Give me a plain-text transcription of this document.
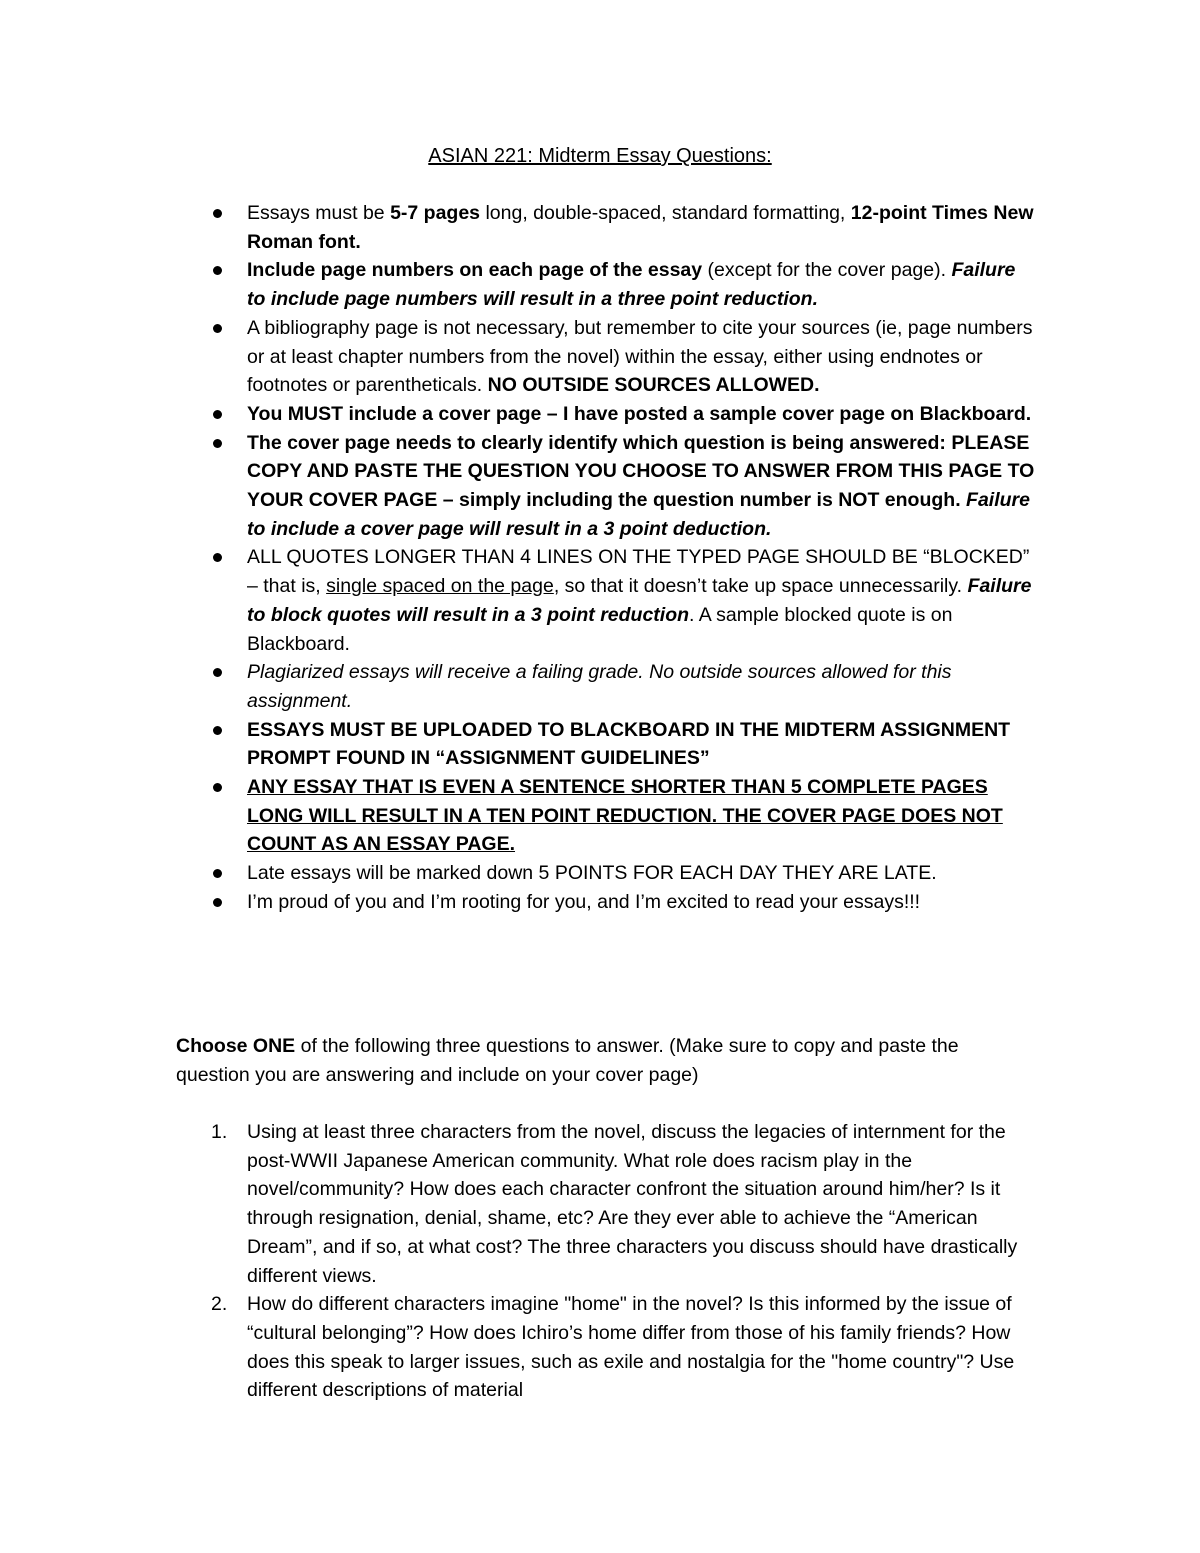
ASIAN 221: Midterm Essay Questions:
Essays must be 5-7 pages long, double-spaced, standard formatting, 12-point Times New Roman font.
Include page numbers on each page of the essay (except for the cover page). Failure to include page numbers will result in a three point reduction.
A bibliography page is not necessary, but remember to cite your sources (ie, page numbers or at least chapter numbers from the novel) within the essay, either using endnotes or footnotes or parentheticals. NO OUTSIDE SOURCES ALLOWED.
You MUST include a cover page – I have posted a sample cover page on Blackboard.
The cover page needs to clearly identify which question is being answered: PLEASE COPY AND PASTE THE QUESTION YOU CHOOSE TO ANSWER FROM THIS PAGE TO YOUR COVER PAGE – simply including the question number is NOT enough. Failure to include a cover page will result in a 3 point deduction.
ALL QUOTES LONGER THAN 4 LINES ON THE TYPED PAGE SHOULD BE “BLOCKED” – that is, single spaced on the page, so that it doesn’t take up space unnecessarily. Failure to block quotes will result in a 3 point reduction. A sample blocked quote is on Blackboard.
Plagiarized essays will receive a failing grade. No outside sources allowed for this assignment.
ESSAYS MUST BE UPLOADED TO BLACKBOARD IN THE MIDTERM ASSIGNMENT PROMPT FOUND IN “ASSIGNMENT GUIDELINES”
ANY ESSAY THAT IS EVEN A SENTENCE SHORTER THAN 5 COMPLETE PAGES LONG WILL RESULT IN A TEN POINT REDUCTION. THE COVER PAGE DOES NOT COUNT AS AN ESSAY PAGE.
Late essays will be marked down 5 POINTS FOR EACH DAY THEY ARE LATE.
I’m proud of you and I’m rooting for you, and I’m excited to read your essays!!!

Choose ONE of the following three questions to answer. (Make sure to copy and paste the question you are answering and include on your cover page)

1. Using at least three characters from the novel, discuss the legacies of internment for the post-WWII Japanese American community. What role does racism play in the novel/community? How does each character confront the situation around him/her? Is it through resignation, denial, shame, etc? Are they ever able to achieve the “American Dream”, and if so, at what cost? The three characters you discuss should have drastically different views.
2. How do different characters imagine "home" in the novel? Is this informed by the issue of “cultural belonging”? How does Ichiro’s home differ from those of his family friends? How does this speak to larger issues, such as exile and nostalgia for the "home country"? Use different descriptions of material
